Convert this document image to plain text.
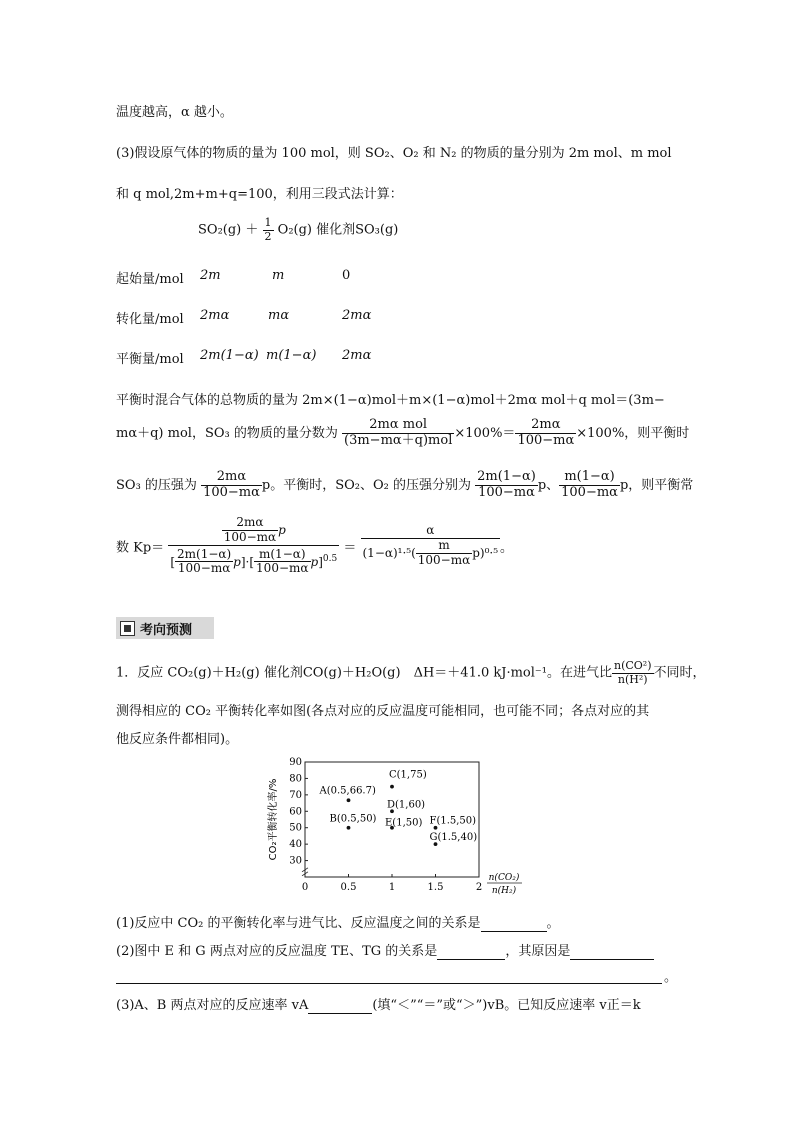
温度越高，α 越小。
(3)假设原气体的物质的量为 100 mol，则 SO₂、O₂ 和 N₂ 的物质的量分别为 2m mol、m mol
和 q mol,2m+m+q=100，利用三段式法计算：
$SO_2(g) + \frac{1}{2} O_2(g)$ 催化剂SO₃(g)
起始量/mol 2m	m	0
转化量/mol 2mα	mα	2mα
平衡量/mol 2m(1−α) m(1−α) 2mα
平衡时混合气体的总物质的量为 2m×(1−α)mol＋m×(1−α)mol＋2mα mol＋q mol＝(3m−
mα＋q) mol，SO₃ 的物质的量分数为 $\frac{\text{2mα mol}}{\text{(3m−mα＋q)mol}} \times 100\%= \frac{2m\alpha}{100-m\alpha} \times 100\%$，则平衡时
SO₃ 的压强为 $\frac{2m\alpha}{100-m\alpha}$ p。平衡时，SO₂、O₂ 的压强分别为 $\frac{2m(1-\alpha)}{100-m\alpha}$ p、 $\frac{m(1-\alpha)}{100-m\alpha}$ p，则平衡常
数 Kp＝
$\frac{2m\alpha}{100-m\alpha}$ p
[ $\frac{2m(1-\alpha)}{100-m\alpha} p]\cdot[ \frac{m(1-\alpha)}{100-m\alpha} p]^{0.5}$
＝ $\frac{\alpha}{(1-\alpha)^1\cdot^5( \frac{m}{100-m\alpha} p)^0\cdot^5}$ 。
考向预测
1．反应 CO₂(g)＋H₂(g) 催化剂CO(g)＋H₂O(g)　ΔH＝＋41.0 kJ·mol⁻¹。在进气比 $\frac{\text{n(CO²)}}{\text{n(H²)}}$ 不同时，
测得相应的 CO₂ 平衡转化率如图(各点对应的反应温度可能相同，也可能不同；各点对应的其
他反应条件都相同)。
30
40
50
60
70
80
90
0	0.5	1	1.5	2
CO₂平衡转化率/%
n(CO₂)
n(H₂)
A(0.5,66.7)
B(0.5,50)
C(1,75)
D(1,60)
E(1,50) F(1.5,50)
G(1.5,40)
(1)反应中 CO₂ 的平衡转化率与进气比、反应温度之间的关系是	。
(2)图中 E 和 G 两点对应的反应温度 TE、TG 的关系是	，其原因是
。
(3)A、B 两点对应的反应速率 vA	(填“＜”“＝”或“＞”)vB。已知反应速率 v正＝k
